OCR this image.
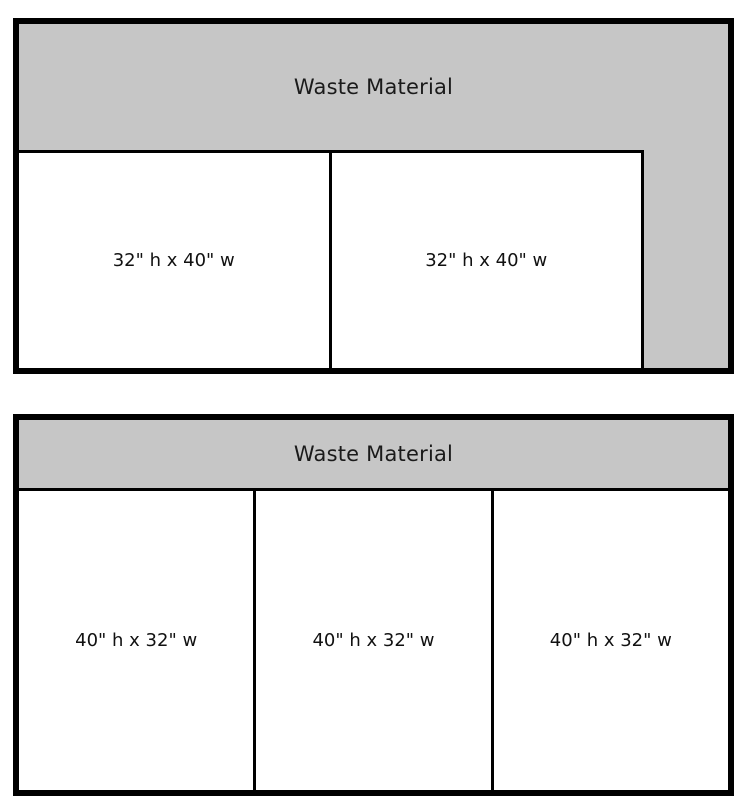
Waste Material
32" h x 40" w	32" h x 40" w
Waste Material
40" h x 32" w	40" h x 32" w	40" h x 32" w
